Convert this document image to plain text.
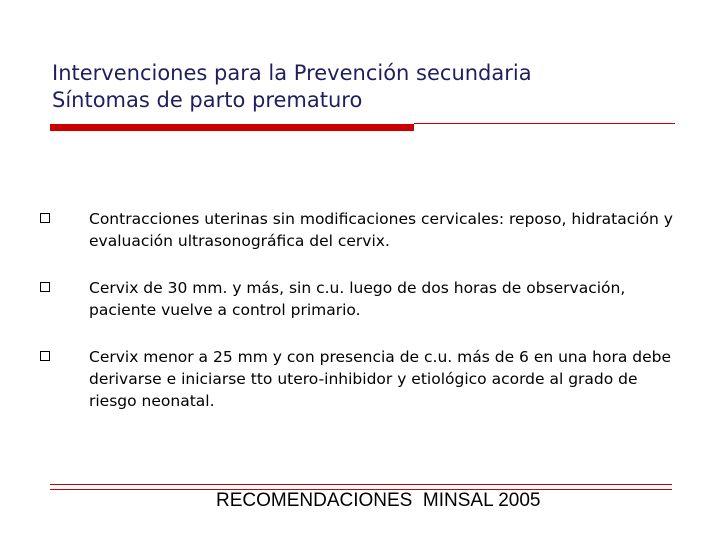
Intervenciones para la Prevención secundaria
Síntomas de parto prematuro
Contracciones uterinas sin modificaciones cervicales: reposo, hidratación y evaluación ultrasonográfica del cervix.
Cervix de 30 mm. y más, sin c.u. luego de dos horas de observación, paciente vuelve a control primario.
Cervix menor a 25 mm y con presencia de c.u. más de 6 en una hora debe derivarse e iniciarse tto utero-inhibidor y etiológico acorde al grado de riesgo neonatal.
RECOMENDACIONES  MINSAL 2005
